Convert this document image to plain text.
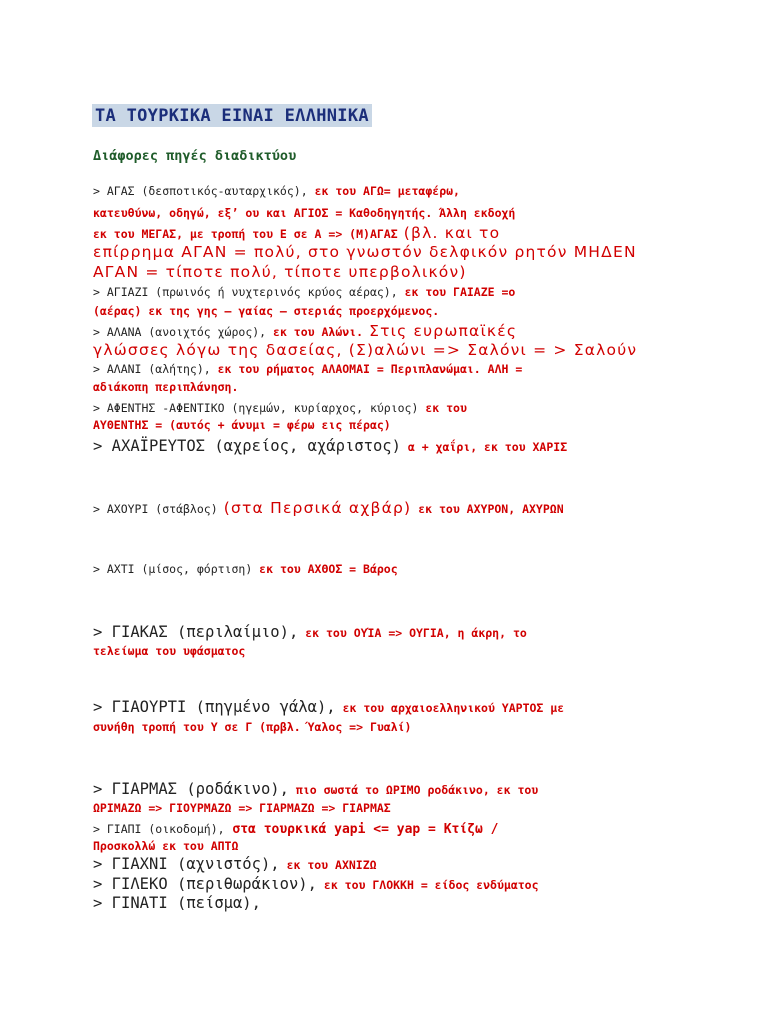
ΤΑ ΤΟΥΡΚΙΚΑ ΕΙΝΑΙ ΕΛΛΗΝΙΚΑ
Διάφορες πηγές διαδικτύου
> ΑΓΑΣ (δεσποτικός-αυταρχικός), εκ του ΑΓΩ= μεταφέρω,
κατευθύνω, οδηγώ, εξ’ ου και ΑΓΙΟΣ = Καθοδηγητής. Άλλη εκδοχή
εκ του ΜΕΓΑΣ, με τροπή του Ε σε Α => (Μ)ΑΓΑΣ (βλ. και το
επίρρημα ΑΓΑΝ = πολύ, στο γνωστόν δελφικόν ρητόν ΜΗΔΕΝ
ΑΓΑΝ = τίποτε πολύ, τίποτε υπερβολικόν)
> ΑΓΙΑΖΙ (πρωινός ή νυχτερινός κρύος αέρας), εκ του ΓΑΙΑΖΕ =ο
(αέρας) εκ της γης – γαίας – στεριάς προερχόμενος.
> ΑΛΑΝΑ (ανοιχτός χώρος), εκ του Αλώνι. Στις ευρωπαϊκές
γλώσσες λόγω της δασείας, (Σ)αλώνι => Σαλόνι = > Σαλούν
> ΑΛΑΝΙ (αλήτης), εκ του ρήματος ΑΛΑΟΜΑΙ = Περιπλανώμαι. ΑΛΗ =
αδιάκοπη περιπλάνηση.
> ΑΦΕΝΤΗΣ -ΑΦΕΝΤΙΚΟ (ηγεμών, κυρίαρχος, κύριος) εκ του
ΑΥΘΕΝΤΗΣ = (αυτός + άνυμι = φέρω εις πέρας)
> ΑΧΑΪΡΕΥΤΟΣ (αχρείος, αχάριστος) α + χαΐρι, εκ του ΧΑΡΙΣ
> ΑΧΟΥΡΙ (στάβλος) (στα Περσικά αχβάρ) εκ του ΑΧΥΡΟΝ, ΑΧΥΡΩΝ
> ΑΧΤΙ (μίσος, φόρτιση) εκ του ΑΧΘΟΣ = Βάρος
> ΓΙΑΚΑΣ (περιλαίμιο), εκ του ΟΥΊΑ => ΟΥΓΙΑ, η άκρη, το
τελείωμα του υφάσματος
> ΓΙΑΟΥΡΤΙ (πηγμένο γάλα), εκ του αρχαιοελληνικού ΥΑΡΤΟΣ με
συνήθη τροπή του Υ σε Γ (πρβλ. Ύαλος => Γυαλί)
> ΓΙΑΡΜΑΣ (ροδάκινο), πιο σωστά το ΩΡΙΜΟ ροδάκινο, εκ του
ΩΡΙΜΑΖΩ => ΓΙΟΥΡΜΑΖΩ => ΓΙΑΡΜΑΖΩ => ΓΙΑΡΜΑΣ
> ΓΙΑΠΙ (οικοδομή), στα τουρκικά yapi <= yap = Κτίζω /
Προσκολλώ εκ του ΑΠΤΩ
> ΓΙΑΧΝΙ (αχνιστός), εκ του ΑΧΝΙΖΩ
> ΓΙΛΕΚΟ (περιθωράκιον), εκ του ΓΛΟΚΚΗ = είδος ενδύματος
> ΓΙΝΑΤΙ (πείσμα),
